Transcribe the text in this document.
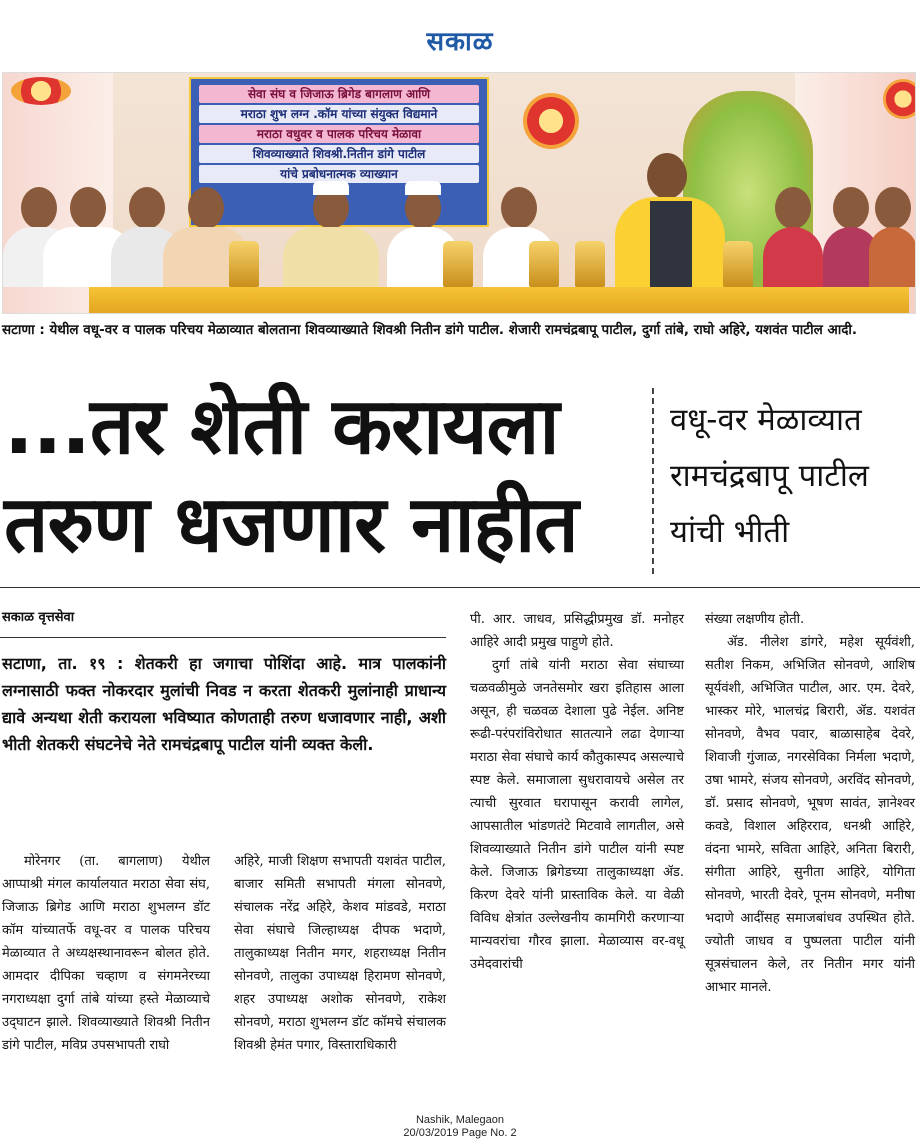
सकाळ
सेवा संघ व जिजाऊ ब्रिगेड बागलाण आणि
मराठा शुभ लग्न .कॉम यांच्या संयुक्त विद्यमाने
मराठा वधुवर व पालक परिचय मेळावा
शिवव्याख्याते शिवश्री.नितीन डांगे पाटील
यांचे प्रबोधनात्मक व्याख्यान
सटाणा : येथील वधू-वर व पालक परिचय मेळाव्यात बोलताना शिवव्याख्याते शिवश्री नितीन डांगे पाटील. शेजारी रामचंद्रबापू पाटील, दुर्गा तांबे, राघो अहिरे, यशवंत पाटील आदी.
...तर शेती करायला
तरुण धजणार नाहीत
वधू-वर मेळाव्यात
रामचंद्रबापू पाटील
यांची भीती
सकाळ वृत्तसेवा
सटाणा, ता. १९ : शेतकरी हा जगाचा पोशिंदा आहे. मात्र पालकांनी लग्नासाठी फक्त नोकरदार मुलांची निवड न करता शेतकरी मुलांनाही प्राधान्य द्यावे अन्यथा शेती करायला भविष्यात कोणताही तरुण धजावणार नाही, अशी भीती शेतकरी संघटनेचे नेते रामचंद्रबापू पाटील यांनी व्यक्त केली.

मोरेनगर (ता. बागलाण) येथील आप्पाश्री मंगल कार्यालयात मराठा सेवा संघ, जिजाऊ ब्रिगेड आणि मराठा शुभलग्न डॉट कॉम यांच्यातर्फे वधू-वर व पालक परिचय मेळाव्यात ते अध्यक्षस्थानावरून बोलत होते. आमदार दीपिका चव्हाण व संगमनेरच्या नगराध्यक्षा दुर्गा तांबे यांच्या हस्ते मेळाव्याचे उद्‌घाटन झाले. शिवव्याख्याते शिवश्री नितीन डांगे पाटील, मविप्र उपसभापती राघो

अहिरे, माजी शिक्षण सभापती यशवंत पाटील, बाजार समिती सभापती मंगला सोनवणे, संचालक नरेंद्र अहिरे, केशव मांडवडे, मराठा सेवा संघाचे जिल्हाध्यक्ष दीपक भदाणे, तालुकाध्यक्ष नितीन मगर, शहराध्यक्ष नितीन सोनवणे, तालुका उपाध्यक्ष हिरामण सोनवणे, शहर उपाध्यक्ष अशोक सोनवणे, राकेश सोनवणे, मराठा शुभलग्न डॉट कॉमचे संचालक शिवश्री हेमंत पगार, विस्ताराधिकारी

पी. आर. जाधव, प्रसिद्धीप्रमुख डॉ. मनोहर आहिरे आदी प्रमुख पाहुणे होते.

दुर्गा तांबे यांनी मराठा सेवा संघाच्या चळवळीमुळे जनतेसमोर खरा इतिहास आला असून, ही चळवळ देशाला पुढे नेईल. अनिष्ट रूढी-परंपरांविरोधात सातत्याने लढा देणाऱ्या मराठा सेवा संघाचे कार्य कौतुकास्पद असल्याचे स्पष्ट केले. समाजाला सुधरावायचे असेल तर त्याची सुरवात घरापासून करावी लागेल, आपसातील भांडणतंटे मिटवावे लागतील, असे शिवव्याख्याते नितीन डांगे पाटील यांनी स्पष्ट केले. जिजाऊ ब्रिगेडच्या तालुकाध्यक्षा ॲड. किरण देवरे यांनी प्रास्ताविक केले. या वेळी विविध क्षेत्रांत उल्लेखनीय कामगिरी करणाऱ्या मान्यवरांचा गौरव झाला. मेळाव्यास वर-वधू उमेदवारांची

संख्या लक्षणीय होती.

ॲड. नीलेश डांगरे, महेश सूर्यवंशी, सतीश निकम, अभिजित सोनवणे, आशिष सूर्यवंशी, अभिजित पाटील, आर. एम. देवरे, भास्कर मोरे, भालचंद्र बिरारी, ॲड. यशवंत सोनवणे, वैभव पवार, बाळासाहेब देवरे, शिवाजी गुंजाळ, नगरसेविका निर्मला भदाणे, उषा भामरे, संजय सोनवणे, अरविंद सोनवणे, डॉ. प्रसाद सोनवणे, भूषण सावंत, ज्ञानेश्वर कवडे, विशाल अहिरराव, धनश्री आहिरे, वंदना भामरे, सविता आहिरे, अनिता बिरारी, संगीता आहिरे, सुनीता आहिरे, योगिता सोनवणे, भारती देवरे, पूनम सोनवणे, मनीषा भदाणे आदींसह समाजबांधव उपस्थित होते. ज्योती जाधव व पुष्पलता पाटील यांनी सूत्रसंचालन केले, तर नितीन मगर यांनी आभार मानले.

Nashik, Malegaon
20/03/2019 Page No. 2
